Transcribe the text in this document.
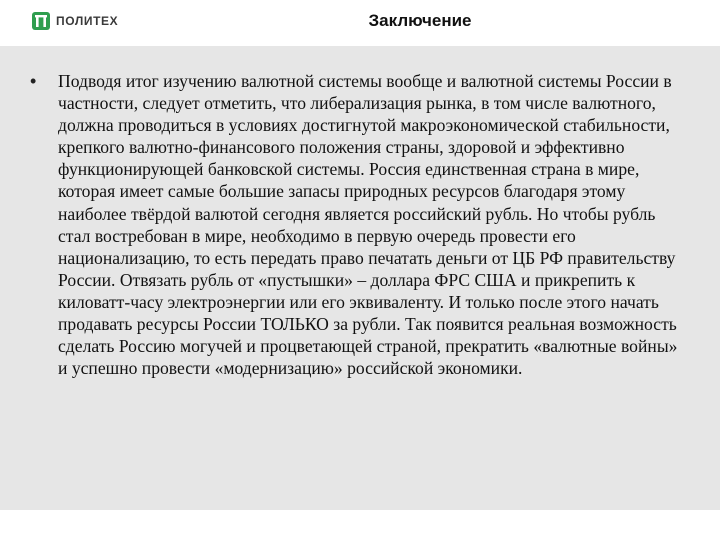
ПОЛИТЕХ	Заключение
•	Подводя итог изучению валютной системы вообще и валютной системы России в частности, следует отметить, что либерализация рынка, в том числе валютного, должна проводиться в условиях достигнутой макроэкономической стабильности, крепкого валютно-финансового положения страны, здоровой и эффективно функционирующей банковской системы. Россия единственная страна в мире, которая имеет самые большие запасы природных ресурсов благодаря этому наиболее твёрдой валютой сегодня является российский рубль. Но чтобы рубль стал востребован в мире, необходимо в первую очередь провести его национализацию, то есть передать право печатать деньги от ЦБ РФ правительству России. Отвязать рубль от «пустышки» – доллара ФРС США и прикрепить к киловатт-часу электроэнергии или его эквиваленту. И только после этого начать продавать ресурсы России ТОЛЬКО за рубли. Так появится реальная возможность сделать Россию могучей и процветающей страной, прекратить «валютные войны» и успешно провести «модернизацию» российской экономики.
